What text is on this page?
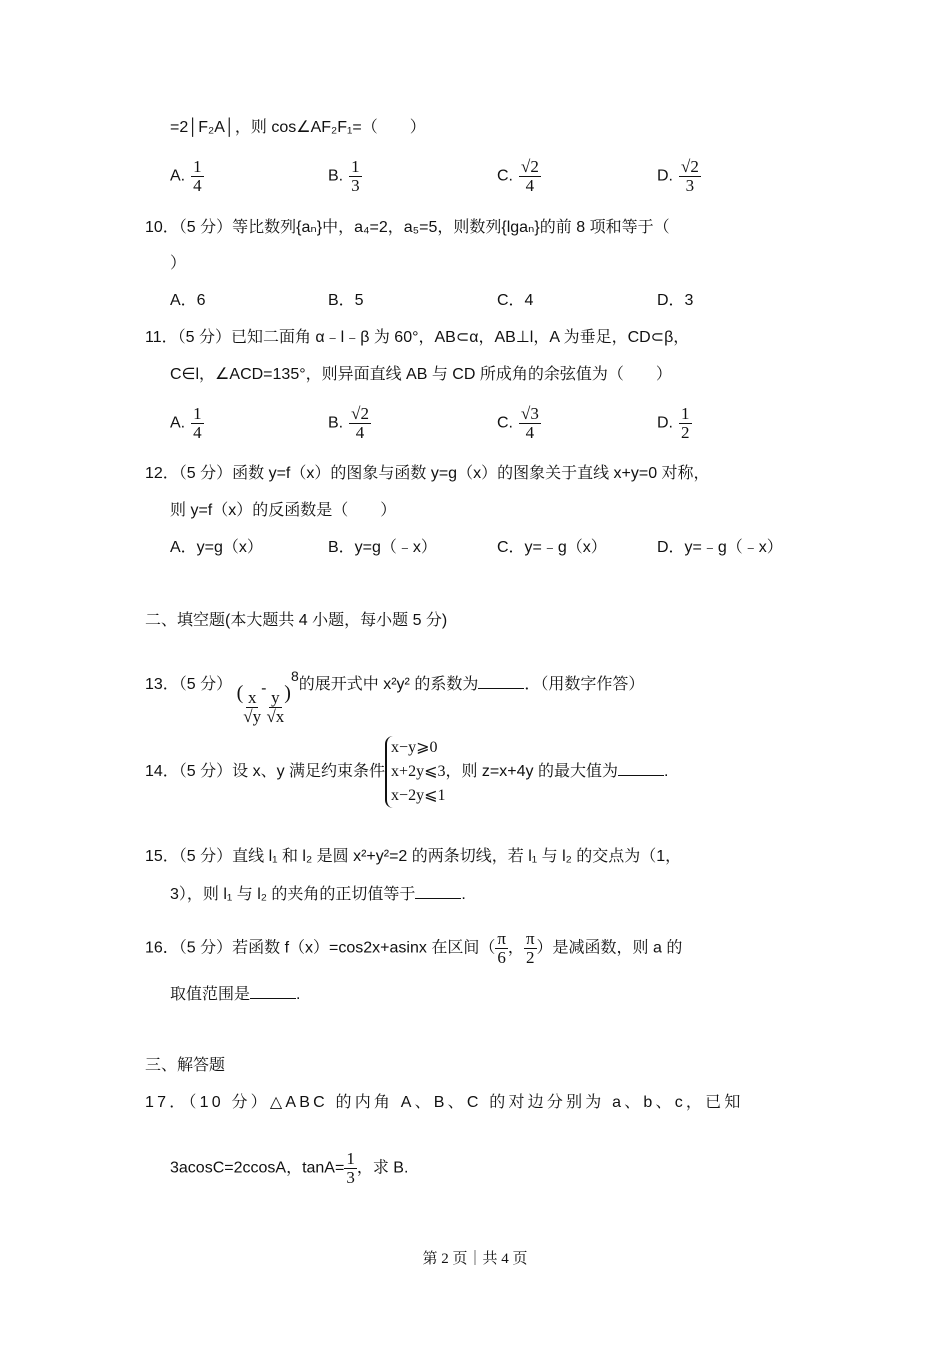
=2│F₂A│，则 cos∠AF₂F₁=（　　）
A. $\frac{1}{4}$	B. $\frac{1}{3}$	C. $\frac{√2}{4}$	D. $\frac{√2}{3}$
10．（5 分）等比数列{aₙ}中，a₄=2，a₅=5，则数列{lgaₙ}的前 8 项和等于（
）
A．6	B．5	C．4	D．3
11．（5 分）已知二面角 α﹣l﹣β 为 60°，AB⊂α，AB⊥l，A 为垂足，CD⊂β，
C∈l，∠ACD=135°，则异面直线 AB 与 CD 所成角的余弦值为（　　）
A. $\frac{1}{4}$	B. $\frac{√2}{4}$	C. $\frac{√3}{4}$	D. $\frac{1}{2}$
12．（5 分）函数 y=f（x）的图象与函数 y=g（x）的图象关于直线 x+y=0 对称，
则 y=f（x）的反函数是（　　）
A．y=g（x）	B．y=g（﹣x）	C．y=﹣g（x）	D．y=﹣g（﹣x）
二、填空题(本大题共 4 小题，每小题 5 分)
13．（5 分） ( $\frac{x}{√y}$
-
$\frac{y}{√x} )^8$的展开式中 x²y² 的系数为	．（用数字作答）
14．（5 分）设 x、y 满足约束条件
x−y⩾0
x+2y⩽3
x−2y⩽1
，则 z=x+4y 的最大值为	.
15．（5 分）直线 l₁ 和 l₂ 是圆 x²+y²=2 的两条切线，若 l₁ 与 l₂ 的交点为（1，
3），则 l₁ 与 l₂ 的夹角的正切值等于	.
16．（5 分）若函数 f（x）=cos2x+asinx 在区间（ $\frac{\pi}{6}$ ， $\frac{\pi}{2}$ ）是减函数，则 a 的
取值范围是	.
三、解答题
17．（10 分）△ABC 的内角 A、B、C 的对边分别为 a、b、c，已知
3acosC=2ccosA，$\tan A= \frac{1}{3}$ ，求 B.
第 2 页｜共 4 页
